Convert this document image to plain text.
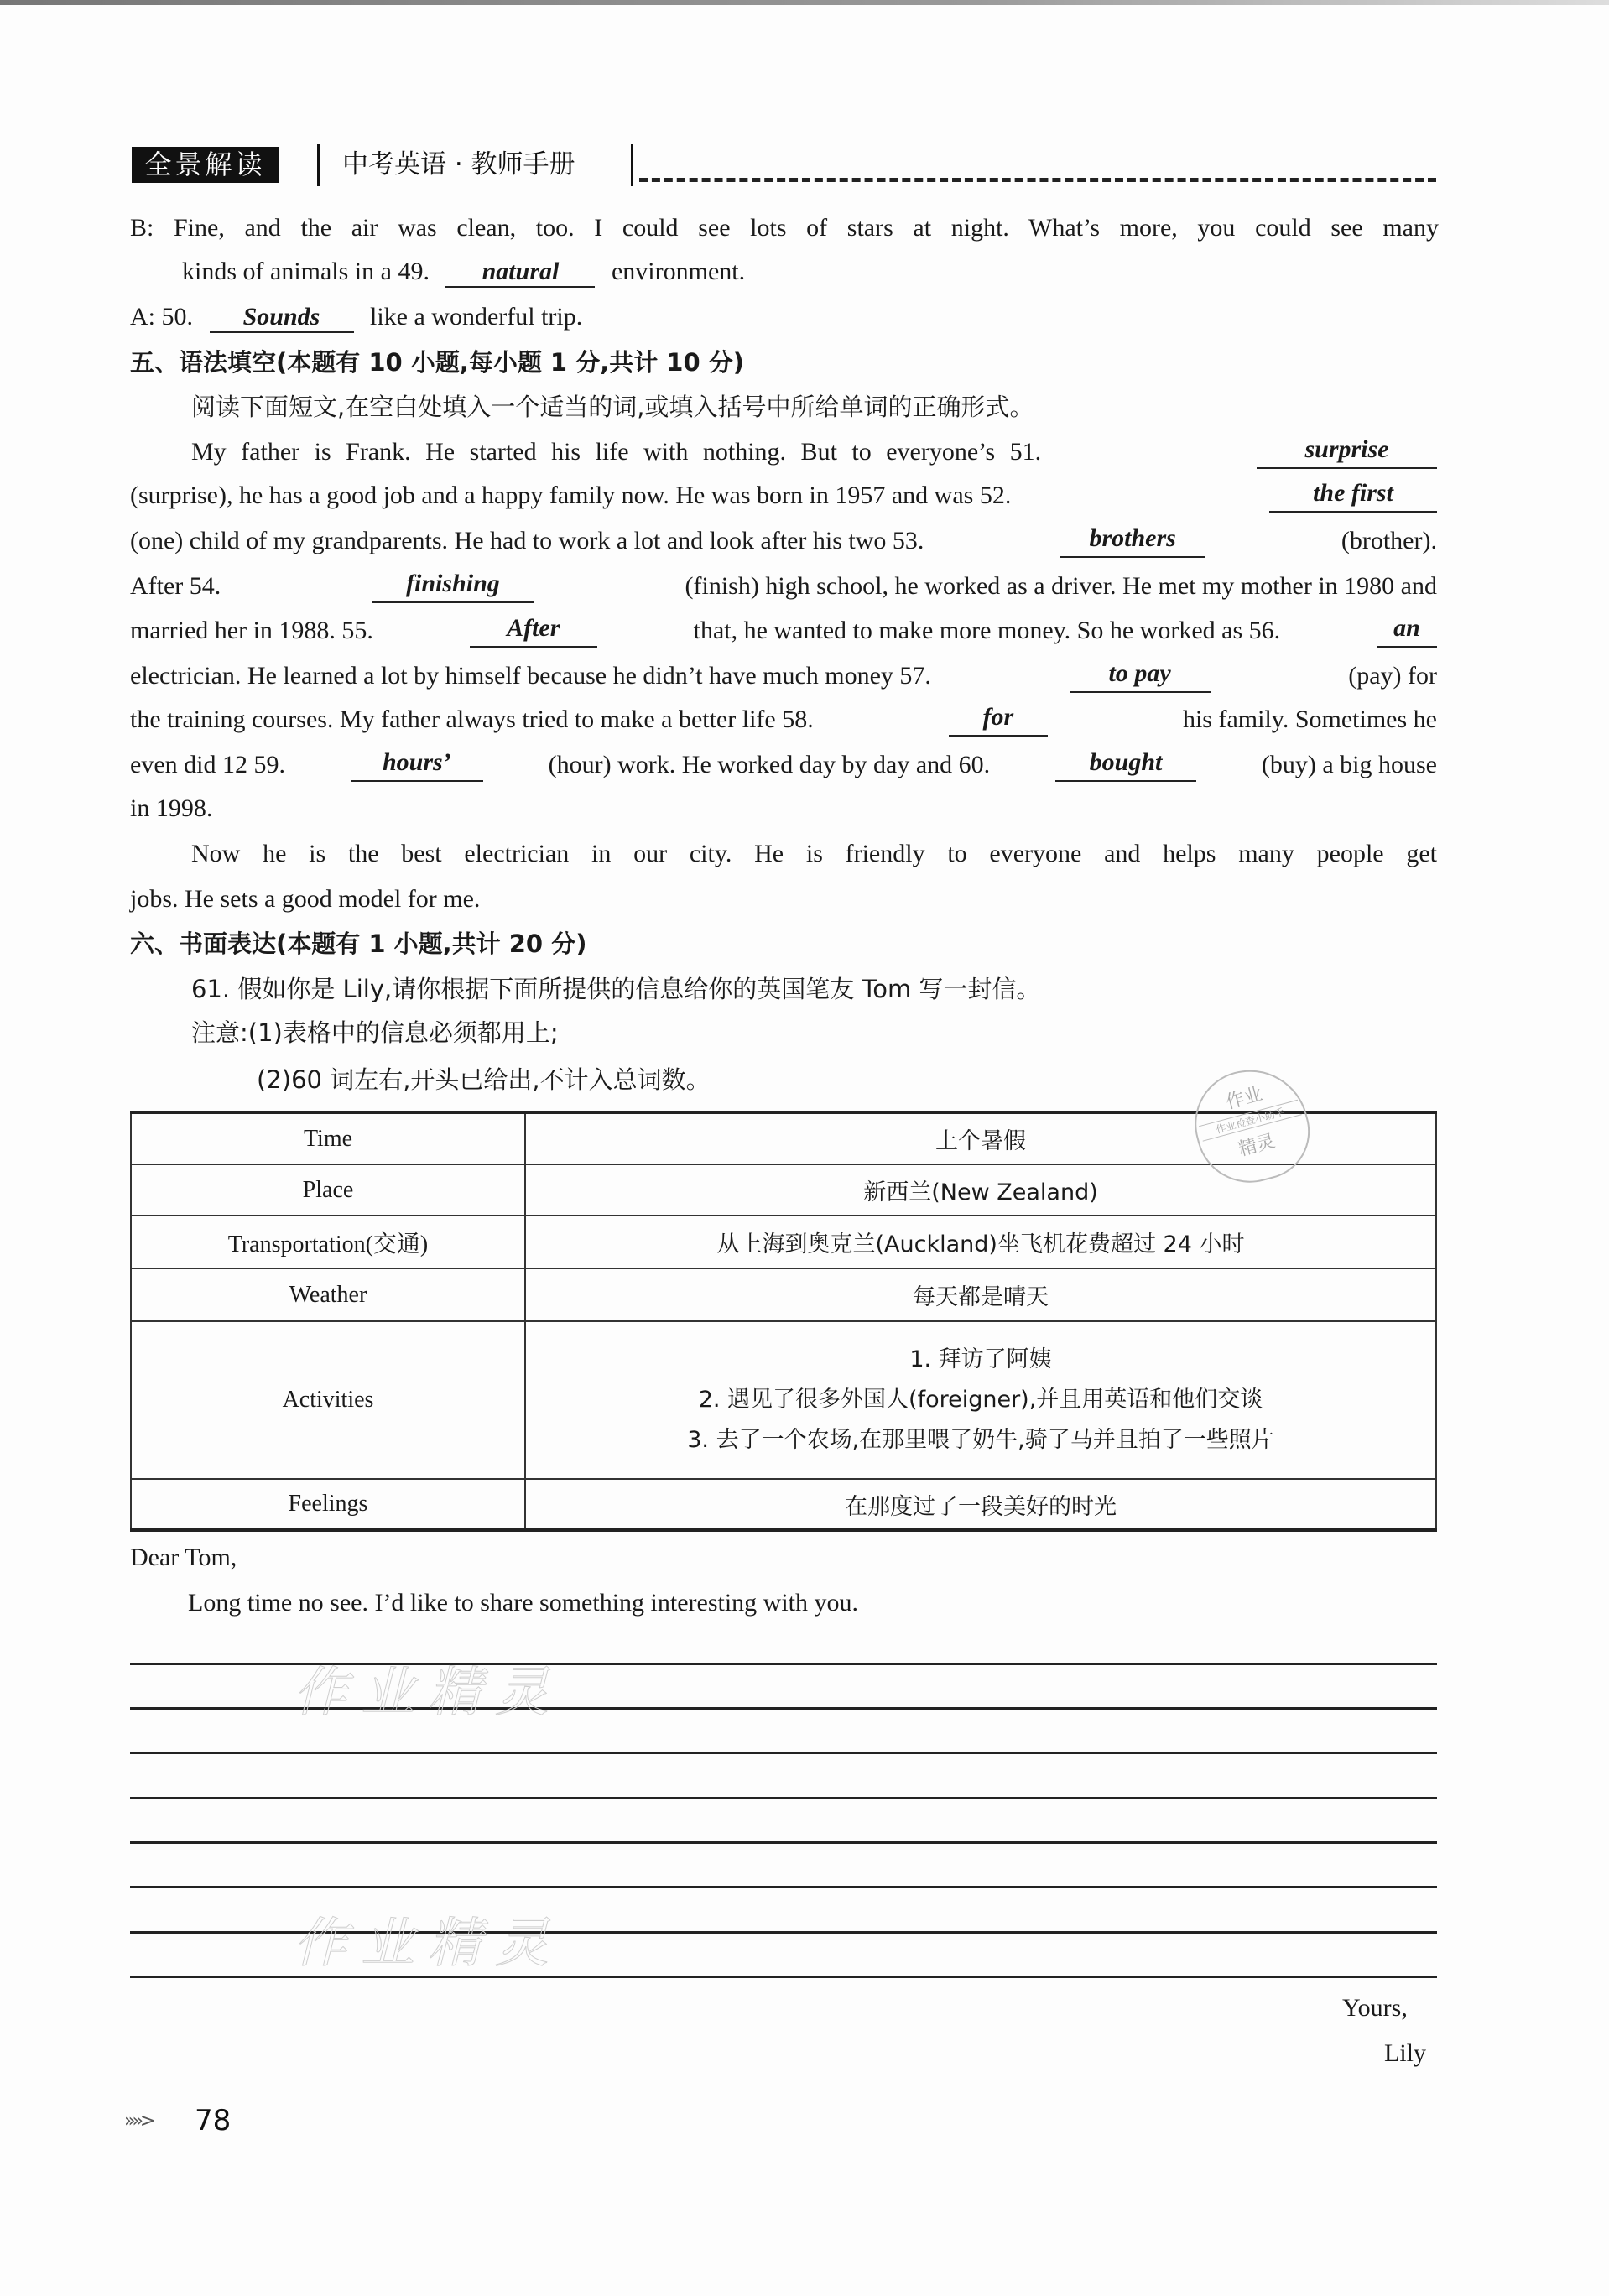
全景解读	中考英语 · 教师手册
B: Fine, and the air was clean, too. I could see lots of stars at night. What’s more, you could see many
kinds of animals in a 49. natural environment.
A: 50. Sounds like a wonderful trip.
五、语法填空(本题有 10 小题,每小题 1 分,共计 10 分)
阅读下面短文,在空白处填入一个适当的词,或填入括号中所给单词的正确形式。
My father is Frank. He started his life with nothing. But to everyone’s 51.	surprise
(surprise), he has a good job and a happy family now. He was born in 1957 and was 52.	the first
(one) child of my grandparents. He had to work a lot and look after his two 53.	brothers	(brother).
After 54.	finishing	(finish) high school, he worked as a driver. He met my mother in 1980 and
married her in 1988. 55.	After	that, he wanted to make more money. So he worked as 56.	an
electrician. He learned a lot by himself because he didn’t have much money 57.	to pay	(pay) for
the training courses. My father always tried to make a better life 58.	for	his family. Sometimes he
even did 12 59.	hours’	(hour) work. He worked day by day and 60.	bought	(buy) a big house
in 1998.
Now he is the best electrician in our city. He is friendly to everyone and helps many people get
jobs. He sets a good model for me.
六、书面表达(本题有 1 小题,共计 20 分)
61. 假如你是 Lily,请你根据下面所提供的信息给你的英国笔友 Tom 写一封信。
注意:(1)表格中的信息必须都用上;
(2)60 词左右,开头已给出,不计入总词数。
Time	上个暑假
Place	新西兰(New Zealand)
Transportation(交通)	从上海到奥克兰(Auckland)坐飞机花费超过 24 小时
Weather	每天都是晴天
Activities	1. 拜访了阿姨
2. 遇见了很多外国人(foreigner),并且用英语和他们交谈
3. 去了一个农场,在那里喂了奶牛,骑了马并且拍了一些照片

Feelings	在那度过了一段美好的时光
作业
作业检查小助手
精灵
Dear Tom,
Long time no see. I’d like to share something interesting with you.
作业精灵
作业精灵
Yours,
Lily
»»> 78
